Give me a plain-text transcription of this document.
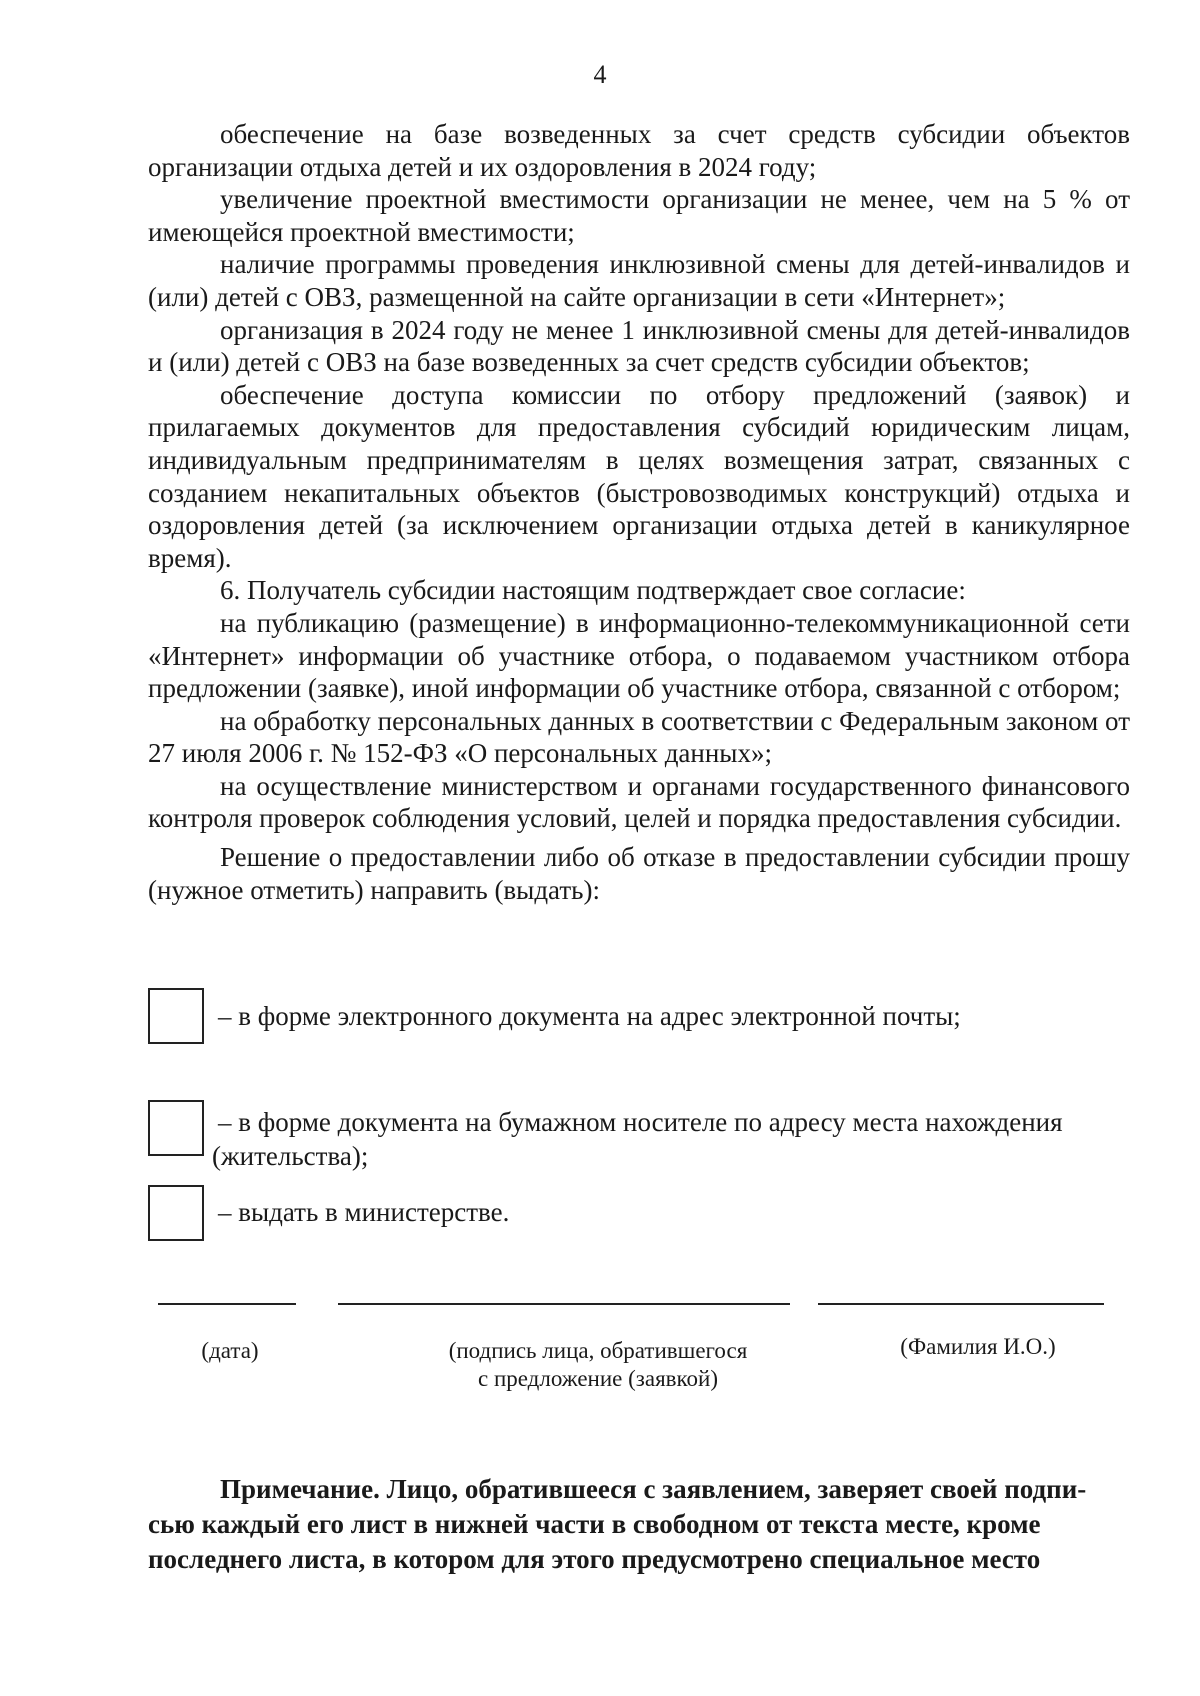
4

обеспечение на базе возведенных за счет средств субсидии объектов организации отдыха детей и их оздоровления в 2024 году;

увеличение проектной вместимости организации не менее, чем на 5 % от имеющейся проектной вместимости;

наличие программы проведения инклюзивной смены для детей-инвалидов и (или) детей с ОВЗ, размещенной на сайте организации в сети «Интернет»;

организация в 2024 году не менее 1 инклюзивной смены для детей-инвалидов и (или) детей с ОВЗ на базе возведенных за счет средств субсидии объектов;

обеспечение доступа комиссии по отбору предложений (заявок) и прилагаемых документов для предоставления субсидий юридическим лицам, индивидуальным предпринимателям в целях возмещения затрат, связанных с созданием некапитальных объектов (быстровозводимых конструкций) отдыха и оздоровления детей (за исключением организации отдыха детей в каникулярное время).

6. Получатель субсидии настоящим подтверждает свое согласие:

на публикацию (размещение) в информационно-телекоммуникационной сети «Интернет» информации об участнике отбора, о подаваемом участником отбора предложении (заявке), иной информации об участнике отбора, связанной с отбором;

на обработку персональных данных в соответствии с Федеральным законом от 27 июля 2006 г. № 152-ФЗ «О персональных данных»;

на осуществление министерством и органами государственного финансового контроля проверок соблюдения условий, целей и порядка предоставления субсидии.

Решение о предоставлении либо об отказе в предоставлении субсидии прошу (нужное отметить) направить (выдать):

– в форме электронного документа на адрес электронной почты;
– в форме документа на бумажном носителе по адресу места нахождения
(жительства);
– выдать в министерстве.
(дата)	(подпись лица, обратившегося
с предложение (заявкой)
(Фамилия И.О.)
Примечание. Лицо, обратившееся с заявлением, заверяет своей подпи-
сью каждый его лист в нижней части в свободном от текста месте, кроме
последнего листа, в котором для этого предусмотрено специальное место
